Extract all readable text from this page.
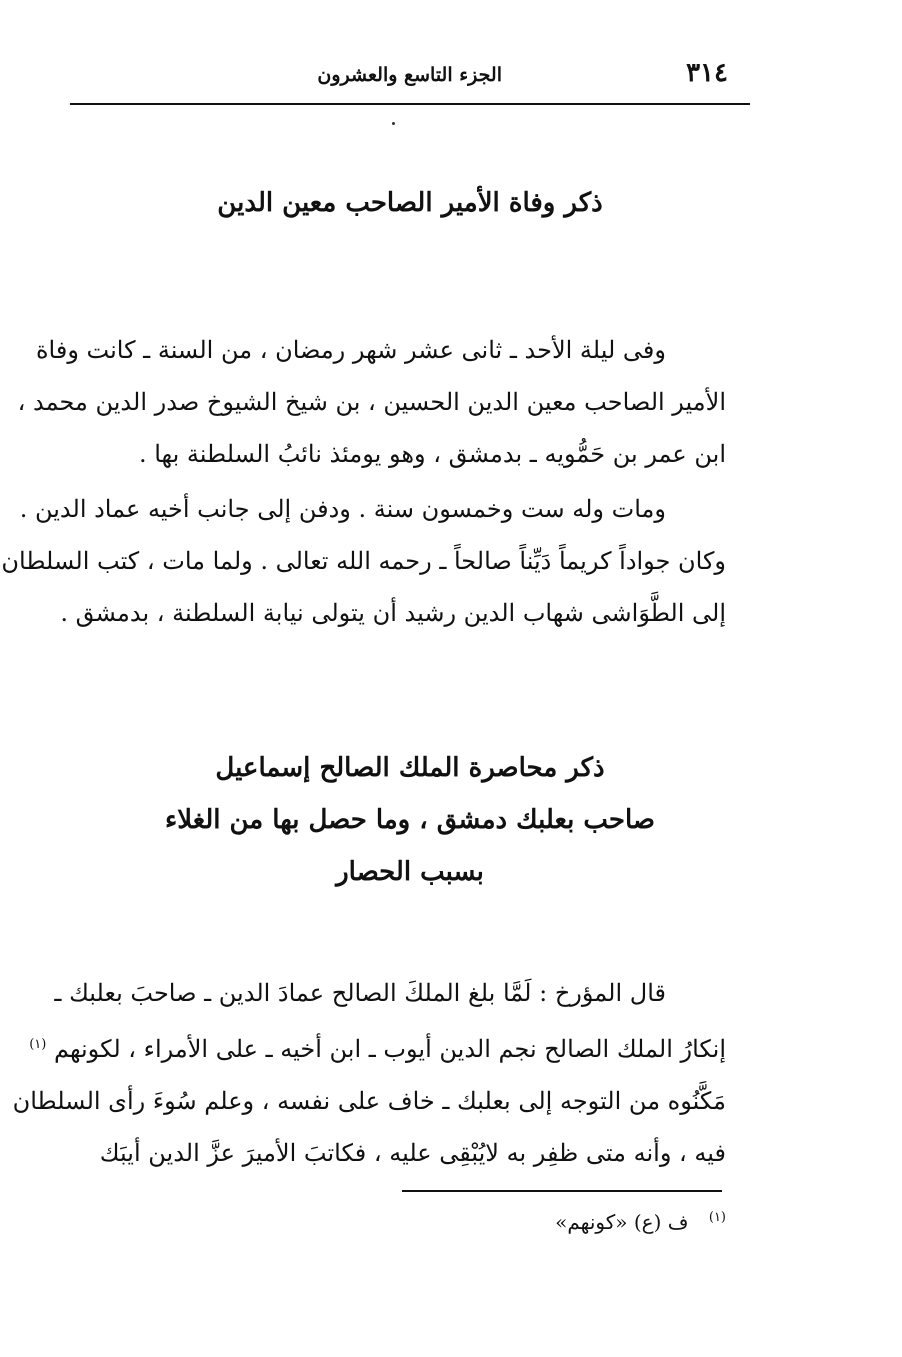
٣١٤
الجزء التاسع والعشرون
ذكر وفاة الأمير الصاحب معين الدين
وفى ليلة الأحد ـ ثانى عشر شهر رمضان ، من السنة ـ كانت وفاة
الأمير الصاحب معين الدين الحسين ، بن شيخ الشيوخ صدر الدين محمد ،
ابن عمر بن حَمُّويه ـ بدمشق ، وهو يومئذ نائبُ السلطنة بها .
ومات وله ست وخمسون سنة . ودفن إلى جانب أخيه عماد الدين .
وكان جواداً كريماً دَيِّناً صالحاً ـ رحمه الله تعالى . ولما مات ، كتب السلطان
إلى الطَّوَاشى شهاب الدين رشيد أن يتولى نيابة السلطنة ، بدمشق .
ذكر محاصرة الملك الصالح إسماعيل
صاحب بعلبك دمشق ، وما حصل بها من الغلاء
بسبب الحصار
قال المؤرخ : لَمَّا بلغ الملكَ الصالح عمادَ الدين ـ صاحبَ بعلبك ـ
إنكارُ الملك الصالح نجم الدين أيوب ـ ابن أخيه ـ على الأمراء ، لكونهم $^{(١)}$
مَكَّنُوه من التوجه إلى بعلبك ـ خاف على نفسه ، وعلم سُوءَ رأى السلطان
فيه ، وأنه متى ظفِر به لايُبْقِى عليه ، فكاتبَ الأميرَ عزَّ الدين أيبَك
$^{(١)}$ ف (ع) «كونهم»
